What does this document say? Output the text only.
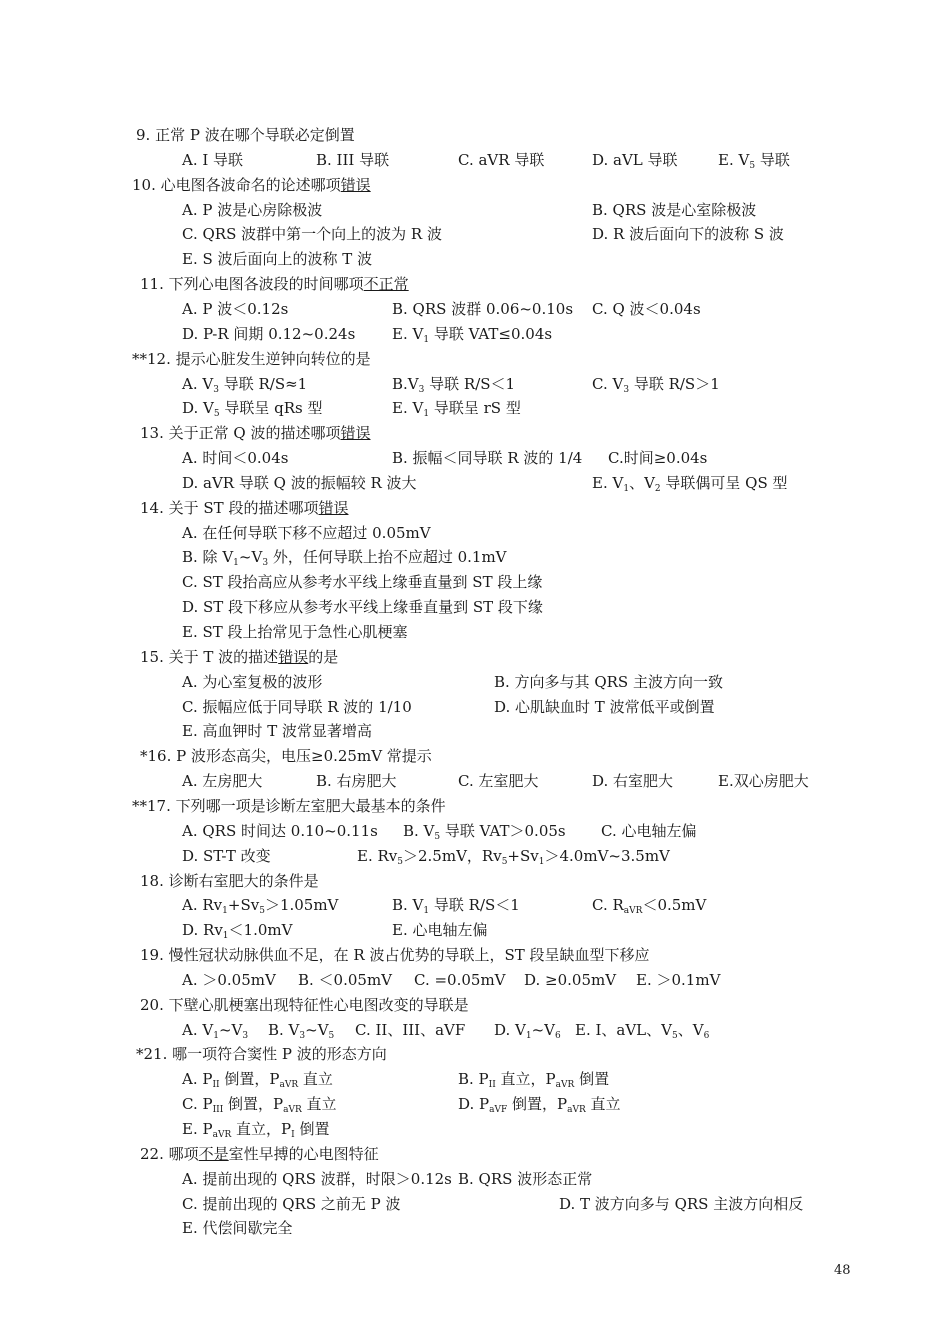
9. 正常 P 波在哪个导联必定倒置
A. I 导联	B. III 导联	C. aVR 导联	D. aVL 导联	E. $V_5$ 导联
10. 心电图各波命名的论述哪项错误
A. P 波是心房除极波	B. QRS 波是心室除极波
C. QRS 波群中第一个向上的波为 R 波	D. R 波后面向下的波称 S 波
E. S 波后面向上的波称 T 波
11. 下列心电图各波段的时间哪项不正常
A. P 波＜0.12s	B. QRS 波群 0.06~0.10s C. Q 波＜0.04s
D. P-R 间期 0.12~0.24s E. $V_1$ 导联 VAT≤0.04s
**12. 提示心脏发生逆钟向转位的是
A. $V_3$ 导联 R/S≈1	$B.V_3$ 导联 R/S＜1	C. $V_3$ 导联 R/S＞1
D. $V_5$ 导联呈 qRs 型	E. $V_1$ 导联呈 rS 型
13. 关于正常 Q 波的描述哪项错误
A. 时间＜0.04s	B. 振幅＜同导联 R 波的 1/4 C.时间≥0.04s
D. aVR 导联 Q 波的振幅较 R 波大	E. $V_1$、$V_2$ 导联偶可呈 QS 型
14. 关于 ST 段的描述哪项错误
A. 在任何导联下移不应超过 0.05mV
B. 除 $V_1\sim V_3$ 外，任何导联上抬不应超过 0.1mV
C. ST 段抬高应从参考水平线上缘垂直量到 ST 段上缘
D. ST 段下移应从参考水平线上缘垂直量到 ST 段下缘
E. ST 段上抬常见于急性心肌梗塞
15. 关于 T 波的描述错误的是
A. 为心室复极的波形	B. 方向多与其 QRS 主波方向一致
C. 振幅应低于同导联 R 波的 1/10	D. 心肌缺血时 T 波常低平或倒置
E. 高血钾时 T 波常显著增高
*16. P 波形态高尖，电压≥0.25mV 常提示
A. 左房肥大	B. 右房肥大	C. 左室肥大	D. 右室肥大	E.双心房肥大
**17. 下列哪一项是诊断左室肥大最基本的条件
A. QRS 时间达 0.10~0.11s B. $V_5$ 导联 VAT＞0.05s C. 心电轴左偏
D. ST-T 改变	E. $Rv_5>2.5mV$，$Rv_5+Sv_1>4.0mV\sim 3.5mV$
18. 诊断右室肥大的条件是
A. $Rv_1+Sv_5>1.05mV$	B. $V_1$ 导联 R/S＜1	C. $R_{aVR}<0.5mV$
D. $Rv_1<1.0mV$	E. 心电轴左偏
19. 慢性冠状动脉供血不足，在 R 波占优势的导联上，ST 段呈缺血型下移应
A. ＞0.05mV B. ＜0.05mV C. =0.05mV D. ≥0.05mV E. ＞0.1mV
20. 下壁心肌梗塞出现特征性心电图改变的导联是
A. $V_1\sim V_3$ B. $V_3\sim V_5$ C. II、III、aVF D. $V_1\sim V_6$ E. I、aVL、$V_5$、$V_6$
*21. 哪一项符合窦性 P 波的形态方向
A. $P_{II}$ 倒置，$P_{aVR}$ 直立	B. $P_{II}$ 直立，$P_{aVR}$ 倒置
C. $P_{III}$ 倒置，$P_{aVR}$ 直立	D. $P_{aVF}$ 倒置，$P_{aVR}$ 直立
E. $P_{aVR}$ 直立，$P_I$ 倒置
22. 哪项不是室性早搏的心电图特征
A. 提前出现的 QRS 波群，时限＞0.12s B. QRS 波形态正常
C. 提前出现的 QRS 之前无 P 波	D. T 波方向多与 QRS 主波方向相反
E. 代偿间歇完全
48
